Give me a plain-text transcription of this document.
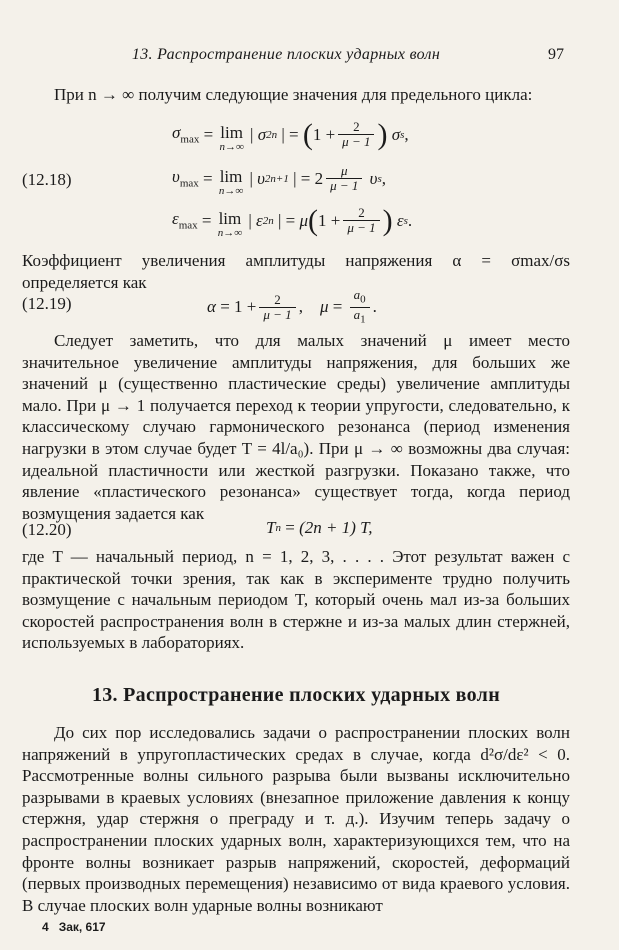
13. Распространение плоских ударных волн	97
При n → ∞ получим следующие значения для предельного цикла:
$\sigma_{max} = \lim$
n→∞
| σ 2n | = ( $1 + \frac{2}{\mu - 1}$ )
σ s ,
(12.18)	$\upsilon_{max} = \lim$
n→∞
| υ 2n+1 | = $2 \frac{\mu}{\mu - 1}$
υ s ,
$\varepsilon_{max} = \lim$
n→∞
| ε 2n | = μ ( $1 + \frac{2}{\mu - 1}$ )
ε s .
Коэффициент увеличения амплитуды напряжения α = σmax/σs определяется как
(12.19)	$\alpha = 1 + \frac{2}{\mu - 1}$ , $\mu = \frac{a_0}{a_1}$ .
Следует заметить, что для малых значений μ имеет место значительное увеличение амплитуды напряжения, для больших же значений μ (существенно пластические среды) увеличение амплитуды мало. При μ → 1 получается переход к теории упругости, следовательно, к классическому случаю гармонического резонанса (период изменения нагрузки в этом случае будет T = 4l/a₀). При μ → ∞ возможны два случая: идеальной пластичности или жесткой разгрузки. Показано также, что явление «пластического резонанса» существует тогда, когда период возмущения задается как
(12.20)	T n = (2n + 1) T,
где T — начальный период, n = 1, 2, 3, . . . . Этот результат важен с практической точки зрения, так как в эксперименте трудно получить возмущение с начальным периодом T, который очень мал из-за больших скоростей распространения волн в стержне и из-за малых длин стержней, используемых в лабораториях.
13. Распространение плоских ударных волн
До сих пор исследовались задачи о распространении плоских волн напряжений в упругопластических средах в случае, когда d²σ/dε² < 0. Рассмотренные волны сильного разрыва были вызваны исключительно разрывами в краевых условиях (внезапное приложение давления к концу стержня, удар стержня о преграду и т. д.). Изучим теперь задачу о распространении плоских ударных волн, характеризующихся тем, что на фронте волны возникает разрыв напряжений, скоростей, деформаций (первых производных перемещения) независимо от вида краевого условия. В случае плоских волн ударные волны возникают
4 Зак, 617
